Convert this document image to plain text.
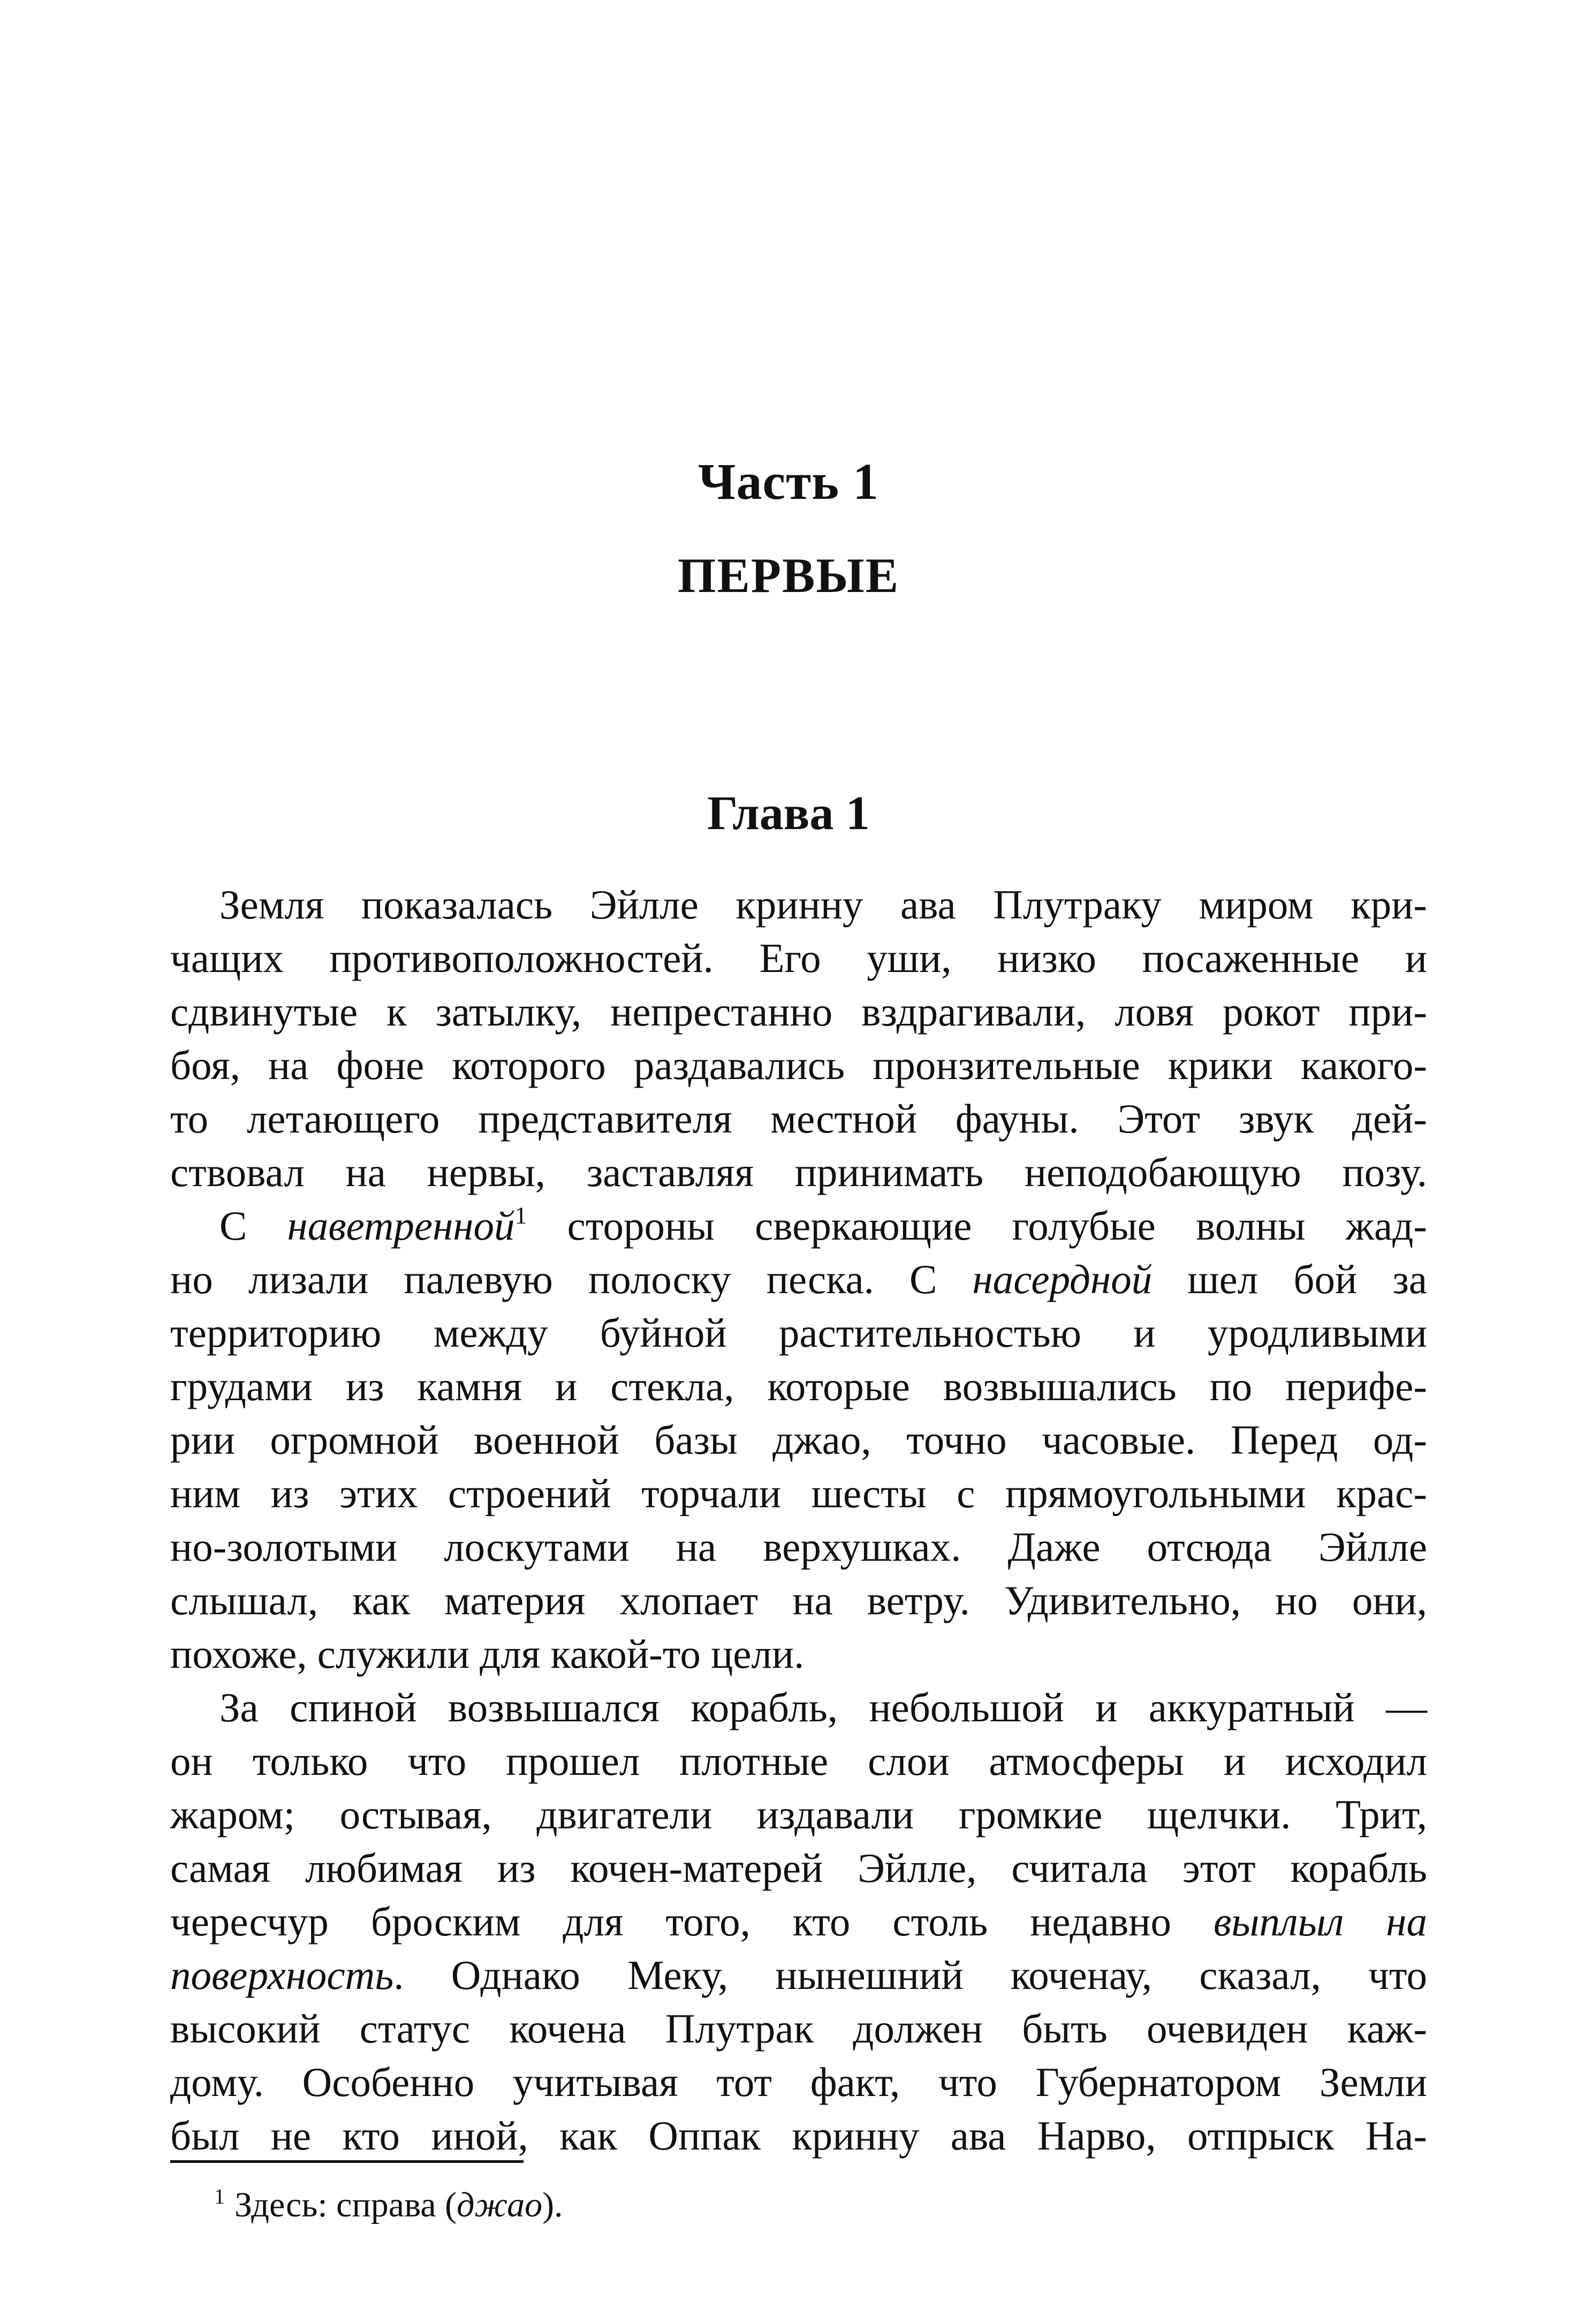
Часть 1
ПЕРВЫЕ
Глава 1
Земля показалась Эйлле кринну ава Плутраку миром кри-
чащих противоположностей. Его уши, низко посаженные и
сдвинутые к затылку, непрестанно вздрагивали, ловя рокот при-
боя, на фоне которого раздавались пронзительные крики какого-
то летающего представителя местной фауны. Этот звук дей-
ствовал на нервы, заставляя принимать неподобающую позу.
С наветренной$^1$ стороны сверкающие голубые волны жад-
но лизали палевую полоску песка. С насердной шел бой за
территорию между буйной растительностью и уродливыми
грудами из камня и стекла, которые возвышались по перифе-
рии огромной военной базы джао, точно часовые. Перед од-
ним из этих строений торчали шесты с прямоугольными крас-
но-золотыми лоскутами на верхушках. Даже отсюда Эйлле
слышал, как материя хлопает на ветру. Удивительно, но они,
похоже, служили для какой-то цели.
За спиной возвышался корабль, небольшой и аккуратный —
он только что прошел плотные слои атмосферы и исходил
жаром; остывая, двигатели издавали громкие щелчки. Трит,
самая любимая из кочен-матерей Эйлле, считала этот корабль
чересчур броским для того, кто столь недавно выплыл на
поверхность. Однако Меку, нынешний коченау, сказал, что
высокий статус кочена Плутрак должен быть очевиден каж-
дому. Особенно учитывая тот факт, что Губернатором Земли
был не кто иной, как Оппак кринну ава Нарво, отпрыск На-
$^1$ Здесь: справа (джао).
